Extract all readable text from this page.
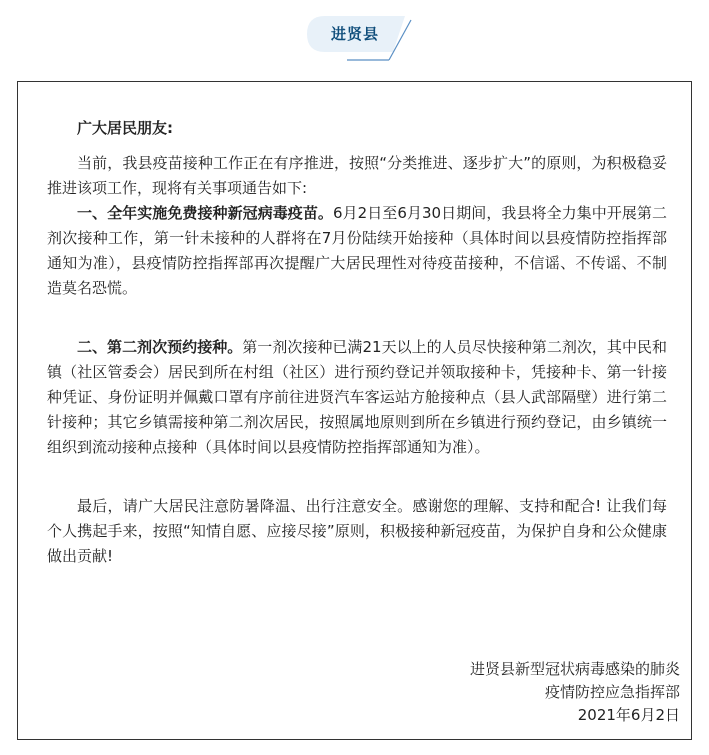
进贤县

广大居民朋友:

当前，我县疫苗接种工作正在有序推进，按照“分类推进、逐步扩大”的原则，为积极稳妥推进该项工作，现将有关事项通告如下:

一、全年实施免费接种新冠病毒疫苗。6月2日至6月30日期间，我县将全力集中开展第二剂次接种工作，第一针未接种的人群将在7月份陆续开始接种（具体时间以县疫情防控指挥部通知为准），县疫情防控指挥部再次提醒广大居民理性对待疫苗接种，不信谣、不传谣、不制造莫名恐慌。

二、第二剂次预约接种。第一剂次接种已满21天以上的人员尽快接种第二剂次，其中民和镇（社区管委会）居民到所在村组（社区）进行预约登记并领取接种卡，凭接种卡、第一针接种凭证、身份证明并佩戴口罩有序前往进贤汽车客运站方舱接种点（县人武部隔壁）进行第二针接种；其它乡镇需接种第二剂次居民，按照属地原则到所在乡镇进行预约登记，由乡镇统一组织到流动接种点接种（具体时间以县疫情防控指挥部通知为准）。

最后，请广大居民注意防暑降温、出行注意安全。感谢您的理解、支持和配合! 让我们每个人携起手来，按照“知情自愿、应接尽接”原则，积极接种新冠疫苗，为保护自身和公众健康做出贡献!

进贤县新型冠状病毒感染的肺炎
疫情防控应急指挥部
2021年6月2日
